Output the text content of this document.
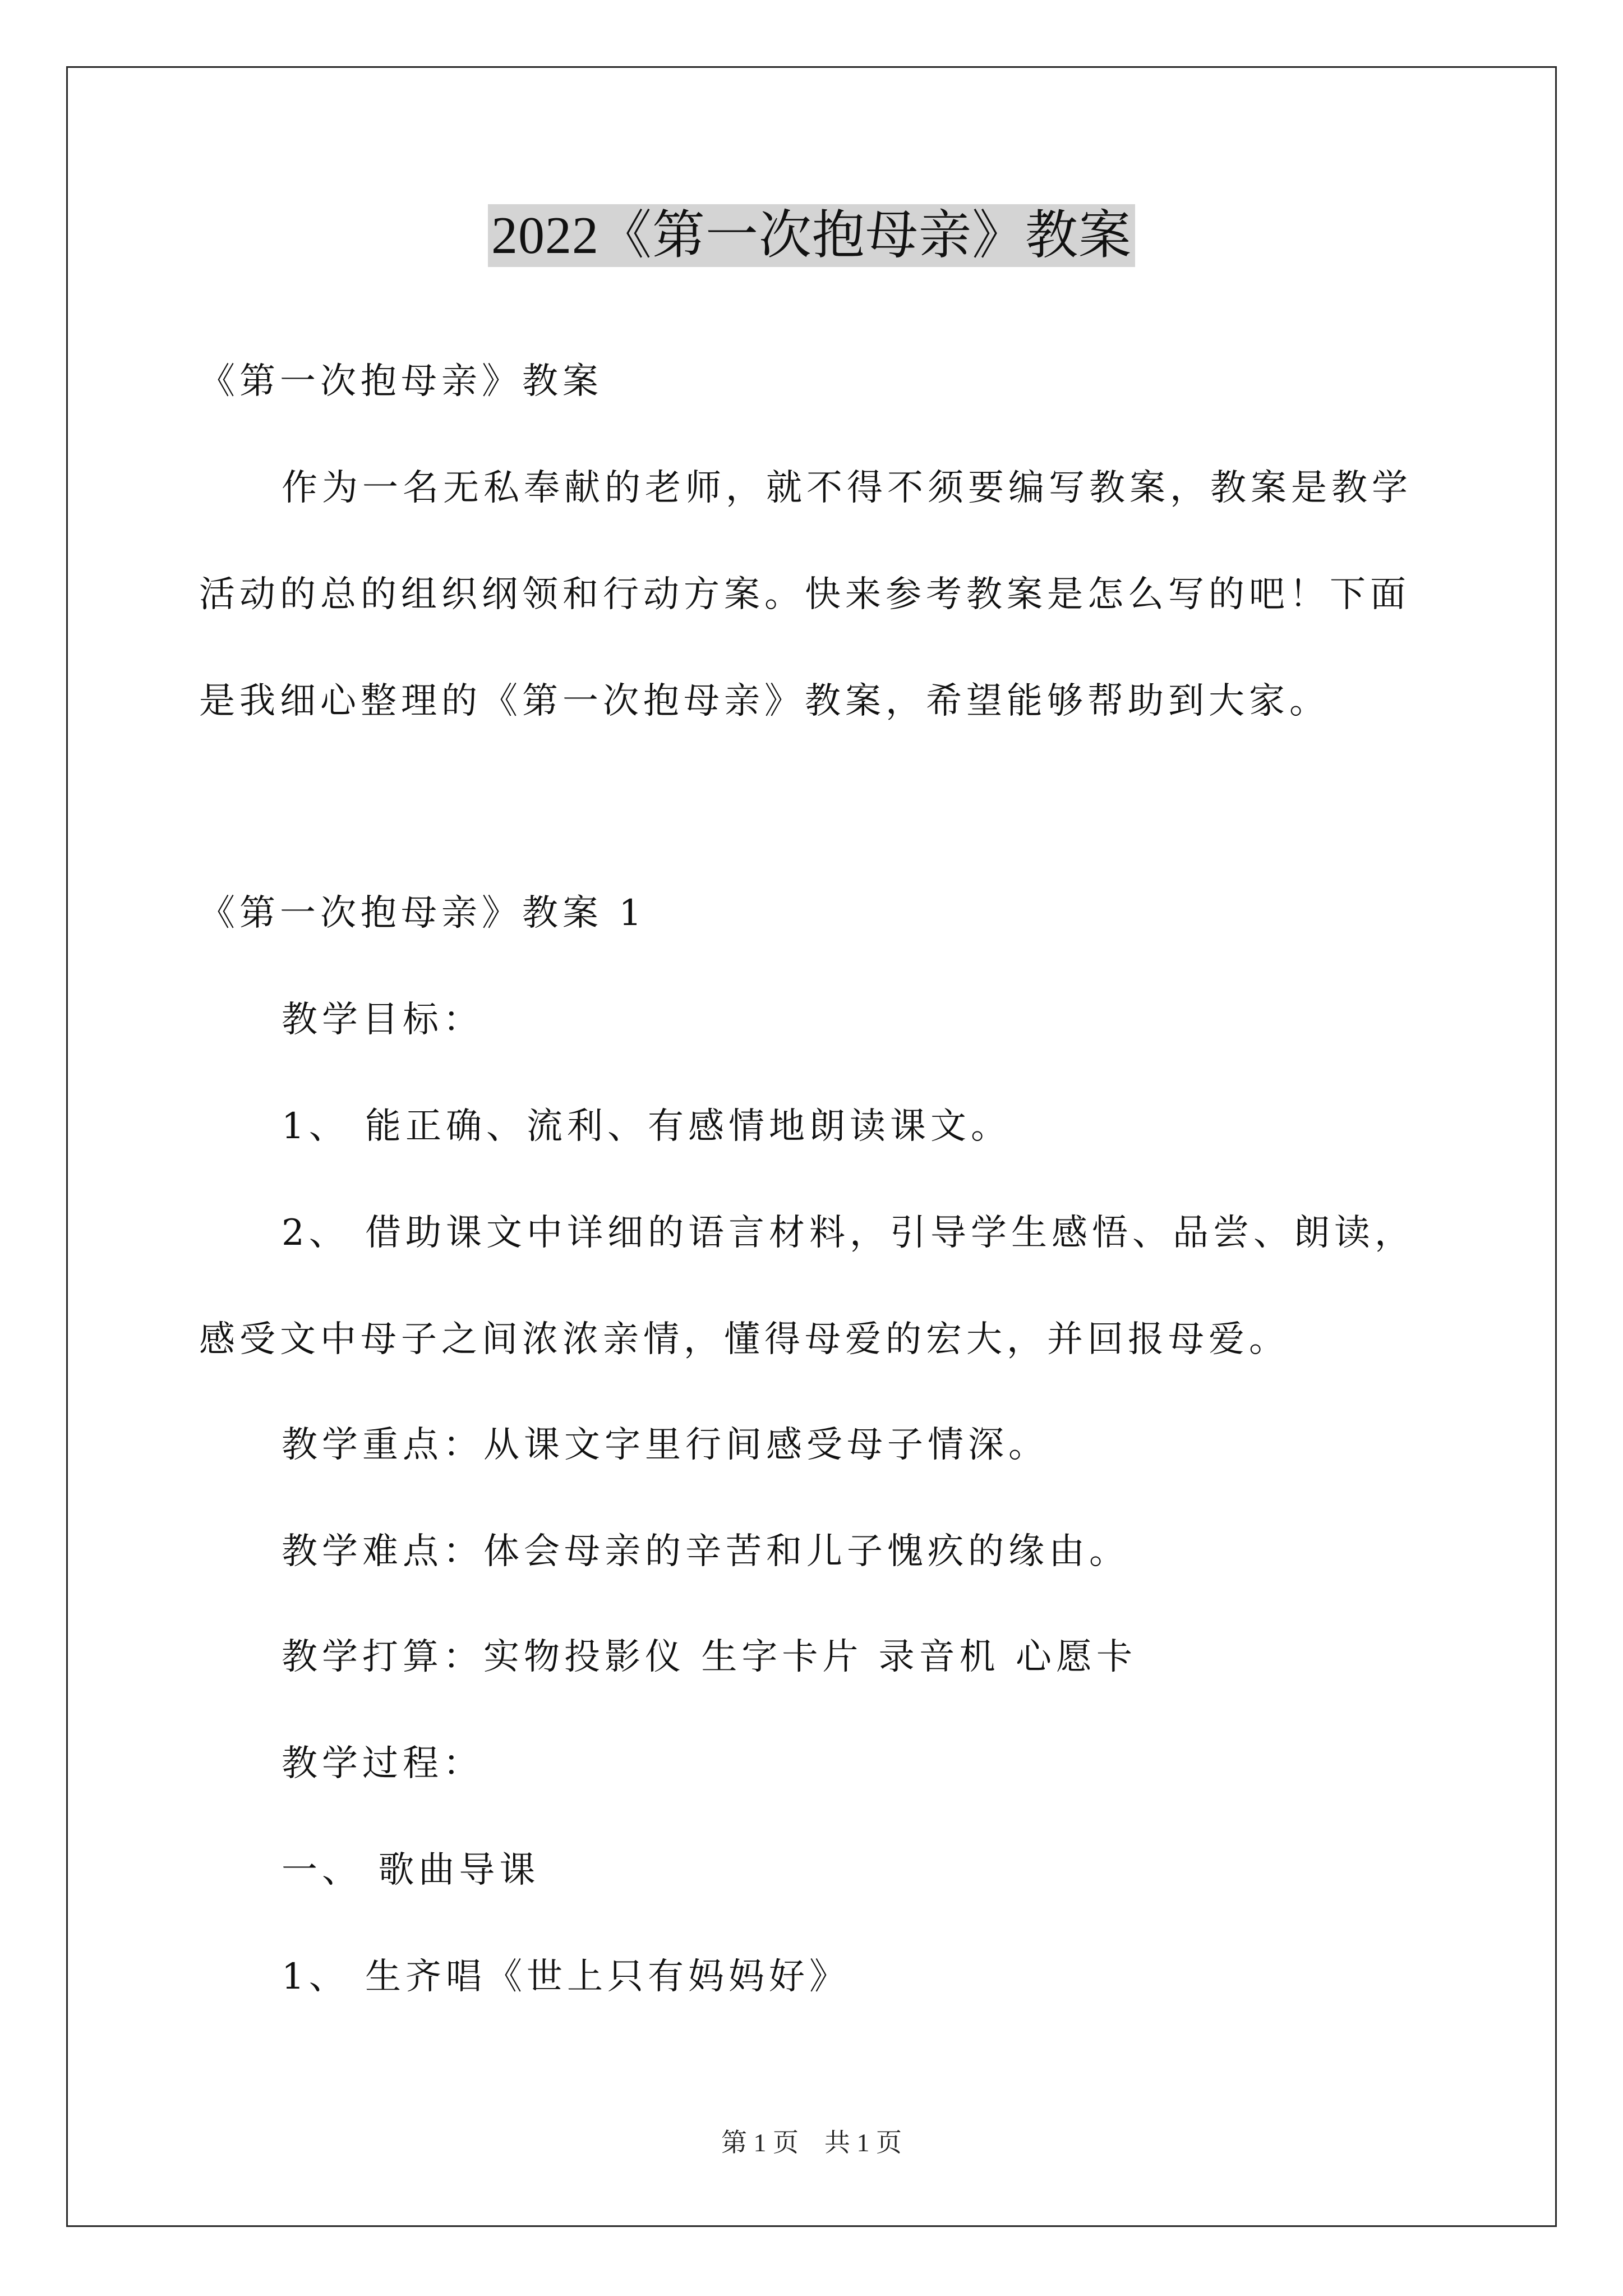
2022《第一次抱母亲》教案
《第一次抱母亲》教案
作为一名无私奉献的老师，就不得不须要编写教案，教案是教学
活动的总的组织纲领和行动方案。快来参考教案是怎么写的吧！下面
是我细心整理的《第一次抱母亲》教案，希望能够帮助到大家。
《第一次抱母亲》教案 1
教学目标：
1、 能正确、流利、有感情地朗读课文。
2、 借助课文中详细的语言材料，引导学生感悟、品尝、朗读，
感受文中母子之间浓浓亲情，懂得母爱的宏大，并回报母爱。
教学重点：从课文字里行间感受母子情深。
教学难点：体会母亲的辛苦和儿子愧疚的缘由。
教学打算：实物投影仪 生字卡片 录音机 心愿卡
教学过程：
一、 歌曲导课
1、 生齐唱《世上只有妈妈好》
第 1 页 共 1 页
